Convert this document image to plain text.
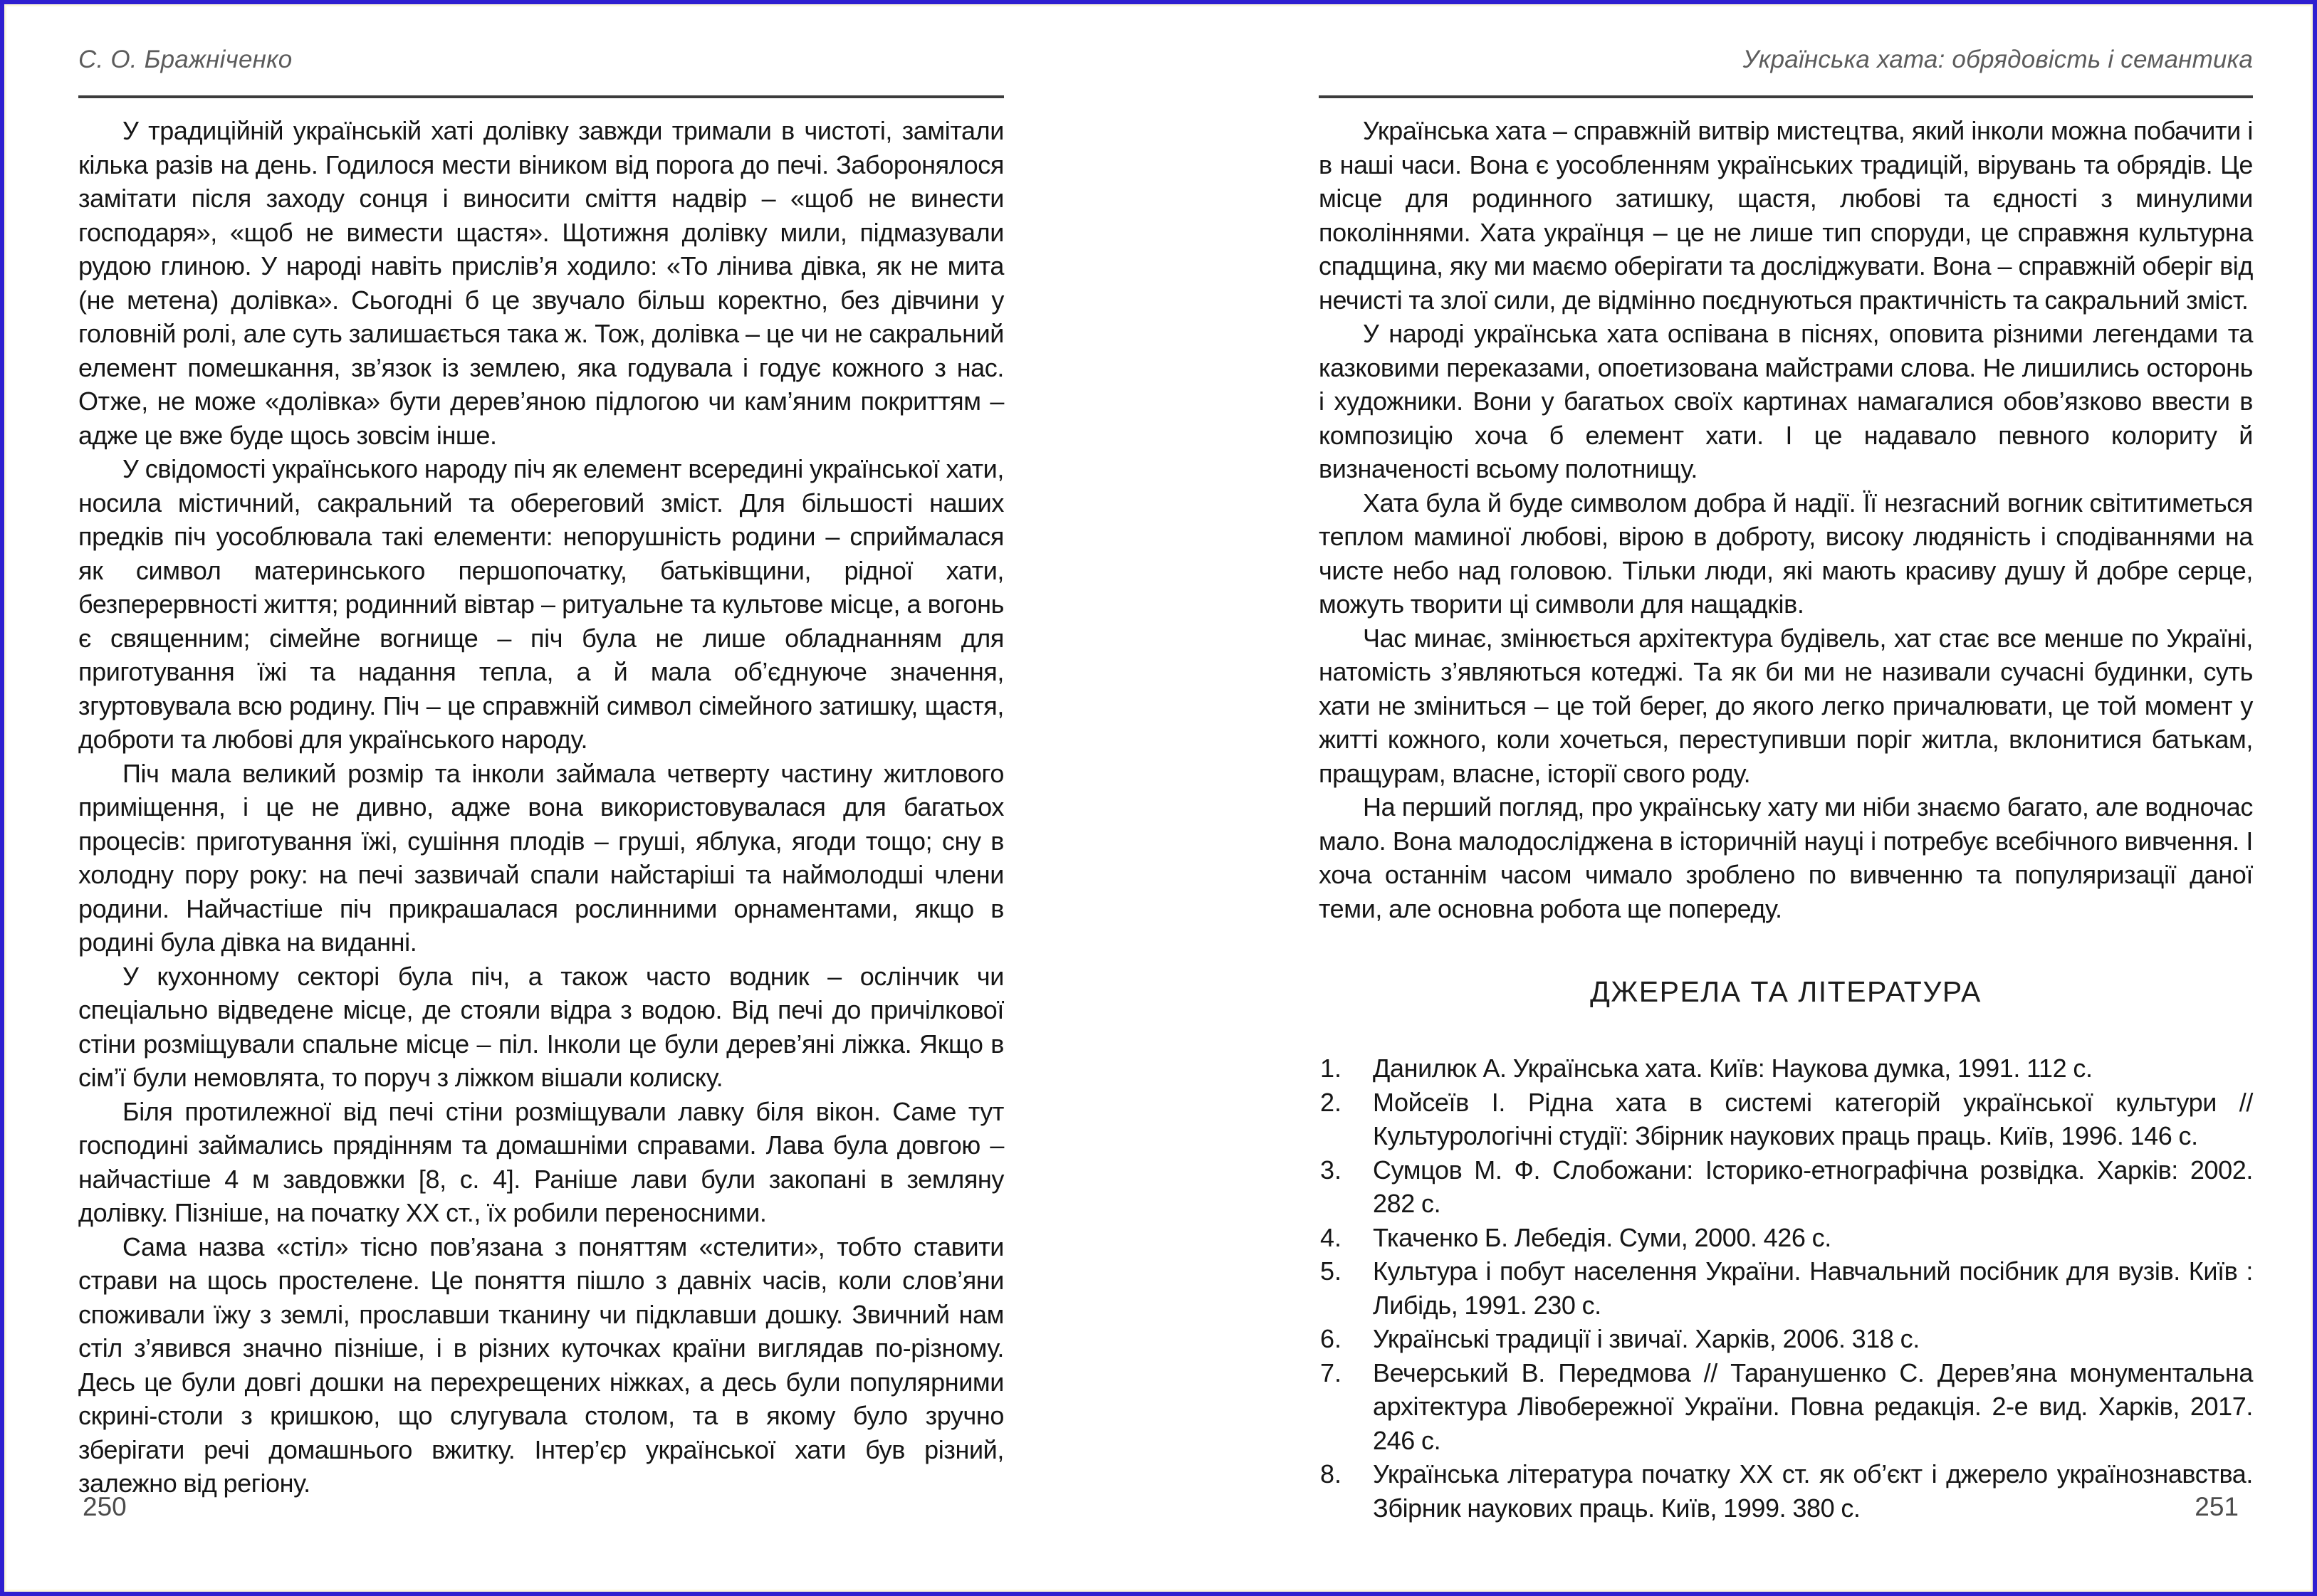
С. О. Бражніченко

У традиційній українській хаті долівку завжди тримали в чистоті, замітали кілька разів на день. Годилося мести віником від порога до печі. Заборонялося замітати після заходу сонця і виносити сміття надвір – «щоб не винести господаря», «щоб не вимести щастя». Щотижня долівку мили, підмазували рудою глиною. У народі навіть прислів’я ходило: «То лінива дівка, як не мита (не метена) долівка». Сьогодні б це звучало більш коректно, без дівчини у головній ролі, але суть залишається така ж. Тож, долівка – це чи не сакральний елемент помешкання, зв’язок із землею, яка годувала і годує кожного з нас. Отже, не може «долівка» бути дерев’яною підлогою чи кам’яним покриттям – адже це вже буде щось зовсім інше.

У свідомості українського народу піч як елемент всередині української хати, носила містичний, сакральний та обереговий зміст. Для більшості наших предків піч уособлювала такі елементи: непорушність родини – сприймалася як символ материнського першопочатку, батьківщини, рідної хати, безперервності життя; родинний вівтар – ритуальне та культове місце, а вогонь є священним; сімейне вогнище – піч була не лише обладнанням для приготування їжі та надання тепла, а й мала об’єднуюче значення, згуртовувала всю родину. Піч – це справжній символ сімейного затишку, щастя, доброти та любові для українського народу.

Піч мала великий розмір та інколи займала четверту частину житлового приміщення, і це не дивно, адже вона використовувалася для багатьох процесів: приготування їжі, сушіння плодів – груші, яблука, ягоди тощо; сну в холодну пору року: на печі зазвичай спали найстаріші та наймолодші члени родини. Найчастіше піч прикрашалася рослинними орнаментами, якщо в родині була дівка на виданні.

У кухонному секторі була піч, а також часто водник – ослінчик чи спеціально відведене місце, де стояли відра з водою. Від печі до причілкової стіни розміщували спальне місце – піл. Інколи це були дерев’яні ліжка. Якщо в сім’ї були немовлята, то поруч з ліжком вішали колиску.

Біля протилежної від печі стіни розміщували лавку біля вікон. Саме тут господині займались прядінням та домашніми справами. Лава була довгою – найчастіше 4 м завдовжки [8, с. 4]. Раніше лави були закопані в земляну долівку. Пізніше, на початку ХХ ст., їх робили переносними.

Сама назва «стіл» тісно пов’язана з поняттям «стелити», тобто ставити страви на щось простелене. Це поняття пішло з давніх часів, коли слов’яни споживали їжу з землі, прославши тканину чи підклавши дошку. Звичний нам стіл з’явився значно пізніше, і в різних куточках країни виглядав по-різному. Десь це були довгі дошки на перехрещених ніжках, а десь були популярними скрині-столи з кришкою, що слугувала столом, та в якому було зручно зберігати речі домашнього вжитку. Інтер’єр української хати був різний, залежно від регіону.

Українська хата: обрядовість і семантика

Українська хата – справжній витвір мистецтва, який інколи можна побачити і в наші часи. Вона є уособленням українських традицій, вірувань та обрядів. Це місце для родинного затишку, щастя, любові та єдності з минулими поколіннями. Хата українця – це не лише тип споруди, це справжня культурна спадщина, яку ми маємо оберігати та досліджувати. Вона – справжній оберіг від нечисті та злої сили, де відмінно поєднуються практичність та сакральний зміст.

У народі українська хата оспівана в піснях, оповита різними легендами та казковими переказами, опоетизована майстрами слова. Не лишились осторонь і художники. Вони у багатьох своїх картинах намагалися обов’язково ввести в композицію хоча б елемент хати. І це надавало певного колориту й визначеності всьому полотнищу.

Хата була й буде символом добра й надії. Її незгасний вогник світитиметься теплом маминої любові, вірою в доброту, високу людяність і сподіваннями на чисте небо над головою. Тільки люди, які мають красиву душу й добре серце, можуть творити ці символи для нащадків.

Час минає, змінюється архітектура будівель, хат стає все менше по Україні, натомість з’являються котеджі. Та як би ми не називали сучасні будинки, суть хати не зміниться – це той берег, до якого легко причалювати, це той момент у житті кожного, коли хочеться, переступивши поріг житла, вклонитися батькам, пращурам, власне, історії свого роду.

На перший погляд, про українську хату ми ніби знаємо багато, але водночас мало. Вона малодосліджена в історичній науці і потребує всебічного вивчення. І хоча останнім часом чимало зроблено по вивченню та популяризації даної теми, але основна робота ще попереду.

ДЖЕРЕЛА ТА ЛІТЕРАТУРА
1. Данилюк А. Українська хата. Київ: Наукова думка, 1991. 112 с.
2. Мойсеїв І. Рідна хата в системі категорій української культури // Культурологічні студії: Збірник наукових праць праць. Київ, 1996. 146 с.
3. Сумцов М. Ф. Слобожани: Історико-етнографічна розвідка. Харків: 2002. 282 с.
4. Ткаченко Б. Лебедія. Суми, 2000. 426 с.
5. Культура і побут населення України. Навчальний посібник для вузів. Київ : Либідь, 1991. 230 с.
6. Українські традиції і звичаї. Харків, 2006. 318 с.
7. Вечерський В. Передмова // Таранушенко С. Дерев’яна монументальна архітектура Лівобережної України. Повна редакція. 2-е вид. Харків, 2017. 246 с.
8. Українська література початку ХХ ст. як об’єкт і джерело українознавства. Збірник наукових праць. Київ, 1999. 380 с.
250	251
